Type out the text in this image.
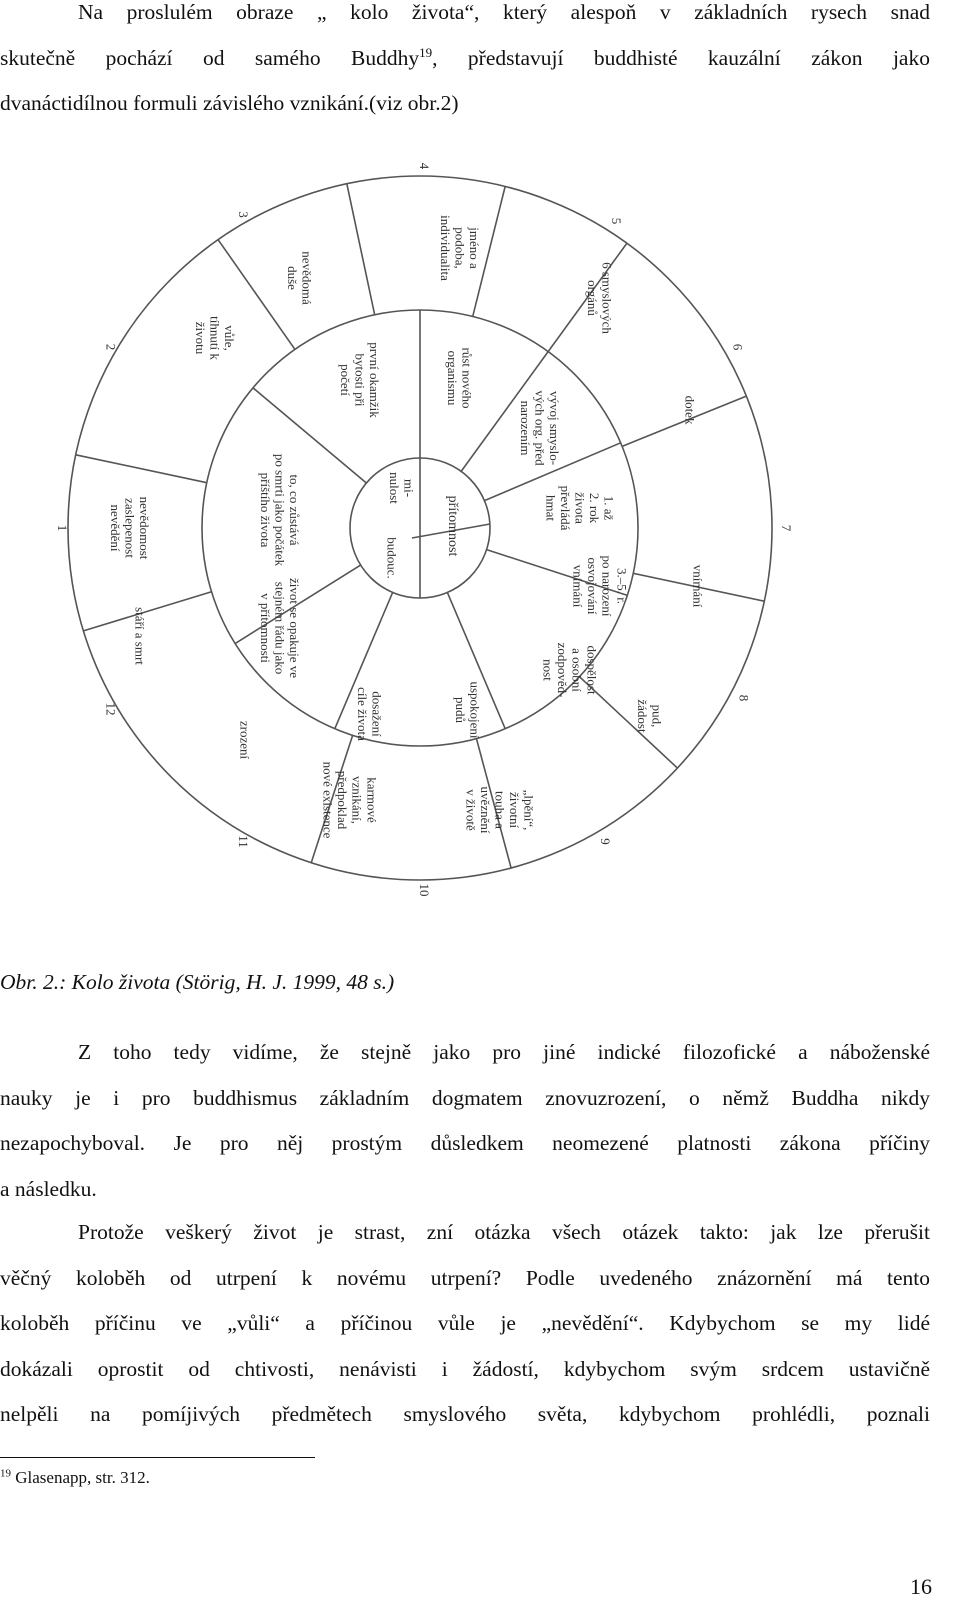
Na proslulém obraze „ kolo života“, který alespoň v základních rysech snad
skutečně pochází od samého Buddhy$^{19}$, představují buddhisté kauzální zákon jako
dvanáctidílnou formuli závislého vznikání.(viz obr.2)

přítomnost
mi-
nulost
budouc.
to, co zůstává
po smrti jako počátek
příštího života
první okamžik
bytosti při
početí	růst nového
organismu
vývoj smyslo-
vých org. před
narozením
1. až
2. rok
života
převládá
hmat
3.–5. r.
po narození
osvojování
vnímání
dospělost
a osobní
zodpověd-
nost
uspokojení
pudů
dosažení
cíle života
karmové
vznikání,
předpoklad
nové existence
život se opakuje ve
stejném řádu jako
v přítomnosti
nevědomost
zaslepenost
nevědění
vůle,
tíhnutí k
životu
nevědomá
duše
jméno a
podoba,
individualita
6 smyslových
orgánů
dotek
vnímání
pud,
žádost
„lpění“,
životní
touha a
uvěznění
v životě
zrození
stáří a smrt
1
2
3
4
5
6
7
8
9
10
11
12

Obr. 2.: Kolo života (Störig, H. J. 1999, 48 s.)

Z toho tedy vidíme, že stejně jako pro jiné indické filozofické a náboženské
nauky je i pro buddhismus základním dogmatem znovuzrození, o němž Buddha nikdy
nezapochyboval. Je pro něj prostým důsledkem neomezené platnosti zákona příčiny
a následku.

Protože veškerý život je strast, zní otázka všech otázek takto: jak lze přerušit
věčný koloběh od utrpení k novému utrpení? Podle uvedeného znázornění má tento
koloběh příčinu ve „vůli“ a příčinou vůle je „nevědění“. Kdybychom se my lidé
dokázali oprostit od chtivosti, nenávisti i žádostí, kdybychom svým srdcem ustavičně
nelpěli na pomíjivých předmětech smyslového světa, kdybychom prohlédli, poznali

$^{19}$ Glasenapp, str. 312.

16
